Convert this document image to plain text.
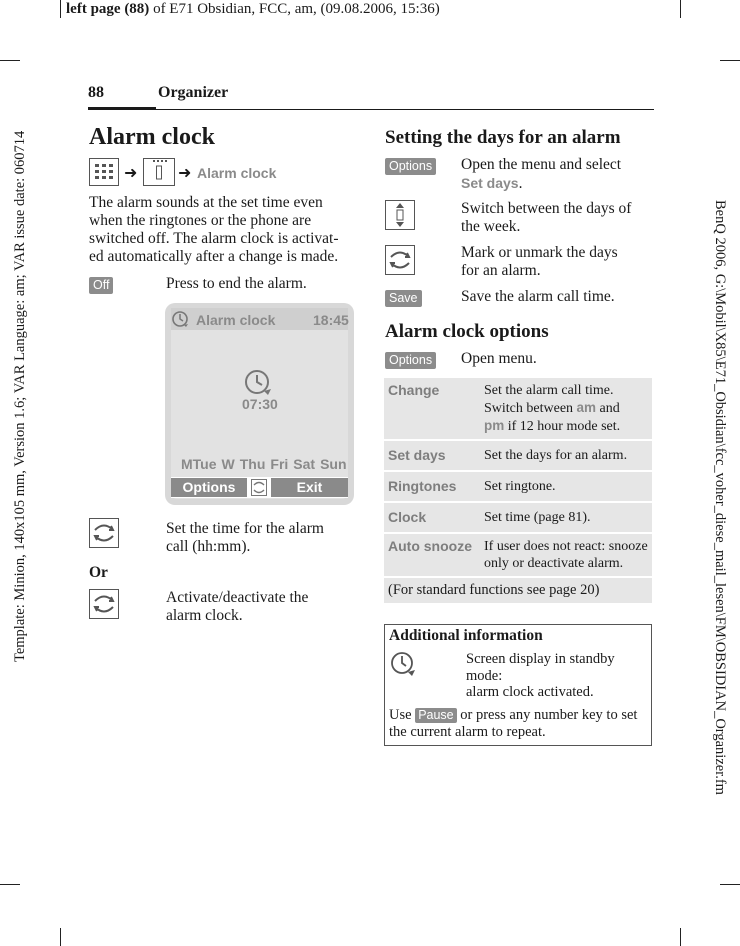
left page (88) of E71 Obsidian, FCC, am, (09.08.2006, 15:36)
Template: Minion, 140x105 mm, Version 1.6; VAR Language: am; VAR issue date: 060714	BenQ 2006, G:\Mobil\X85\E71_Obsidian\fcc_voher_diese_mail_lesen\FM\OBSIDIAN_Organizer.fm
88	Organizer
Alarm clock
➜	➜ Alarm clock
The alarm sounds at the set time even
when the ringtones or the phone are
switched off. The alarm clock is activat-
ed automatically after a change is made.
Off	Press to end the alarm.
Alarm clock	18:45
07:30
MTue W Thu Fri Sat Sun
Options	Exit
Set the time for the alarm
call (hh:mm).
Or
Activate/deactivate the
alarm clock.
Setting the days for an alarm
Options Open the menu and select
Set days.
Switch between the days of
the week.
Mark or unmark the days
for an alarm.
Save	Save the alarm call time.
Alarm clock options
Options Open menu.
Change	Set the alarm call time.
Switch between am and
pm if 12 hour mode set.

Set days	Set the days for an alarm.
Ringtones	Set ringtone.
Clock	Set time (page 81).
Auto snooze	If user does not react: snooze only or deactivate alarm.
(For standard functions see page 20)	
Additional information
Screen display in standby
mode:
alarm clock activated.
Use Pause or press any number key to set
the current alarm to repeat.
